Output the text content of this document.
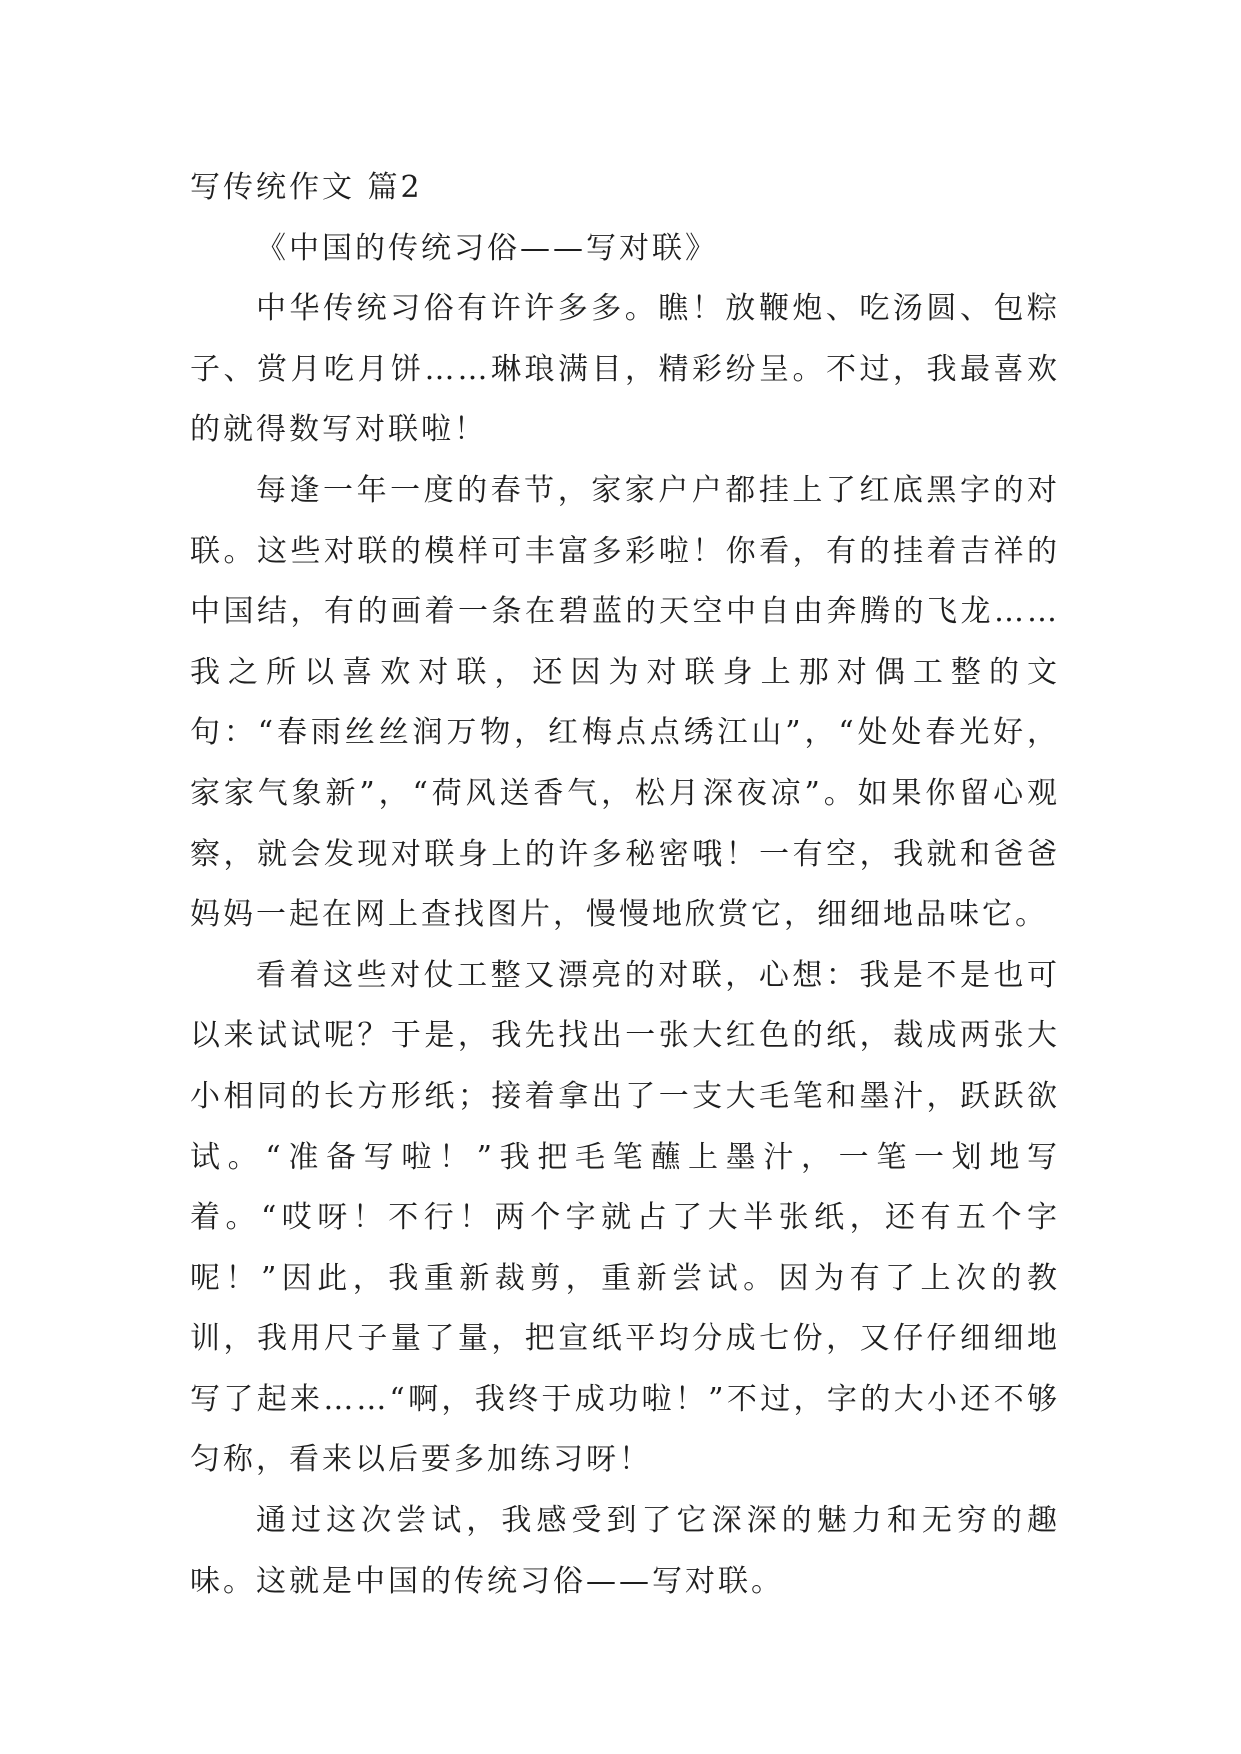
写传统作文 篇2

《中国的传统习俗——写对联》

中华传统习俗有许许多多。瞧！放鞭炮、吃汤圆、包粽子、赏月吃月饼……琳琅满目，精彩纷呈。不过，我最喜欢的就得数写对联啦！

每逢一年一度的春节，家家户户都挂上了红底黑字的对联。这些对联的模样可丰富多彩啦！你看，有的挂着吉祥的中国结，有的画着一条在碧蓝的天空中自由奔腾的飞龙……我之所以喜欢对联，还因为对联身上那对偶工整的文句：“春雨丝丝润万物，红梅点点绣江山”，“处处春光好，家家气象新”，“荷风送香气，松月深夜凉”。如果你留心观察，就会发现对联身上的许多秘密哦！一有空，我就和爸爸妈妈一起在网上查找图片，慢慢地欣赏它，细细地品味它。

看着这些对仗工整又漂亮的对联，心想：我是不是也可以来试试呢？于是，我先找出一张大红色的纸，裁成两张大小相同的长方形纸；接着拿出了一支大毛笔和墨汁，跃跃欲试。“准备写啦！”我把毛笔蘸上墨汁，一笔一划地写着。“哎呀！不行！两个字就占了大半张纸，还有五个字呢！”因此，我重新裁剪，重新尝试。因为有了上次的教训，我用尺子量了量，把宣纸平均分成七份，又仔仔细细地写了起来……“啊，我终于成功啦！”不过，字的大小还不够匀称，看来以后要多加练习呀！

通过这次尝试，我感受到了它深深的魅力和无穷的趣味。这就是中国的传统习俗——写对联。
